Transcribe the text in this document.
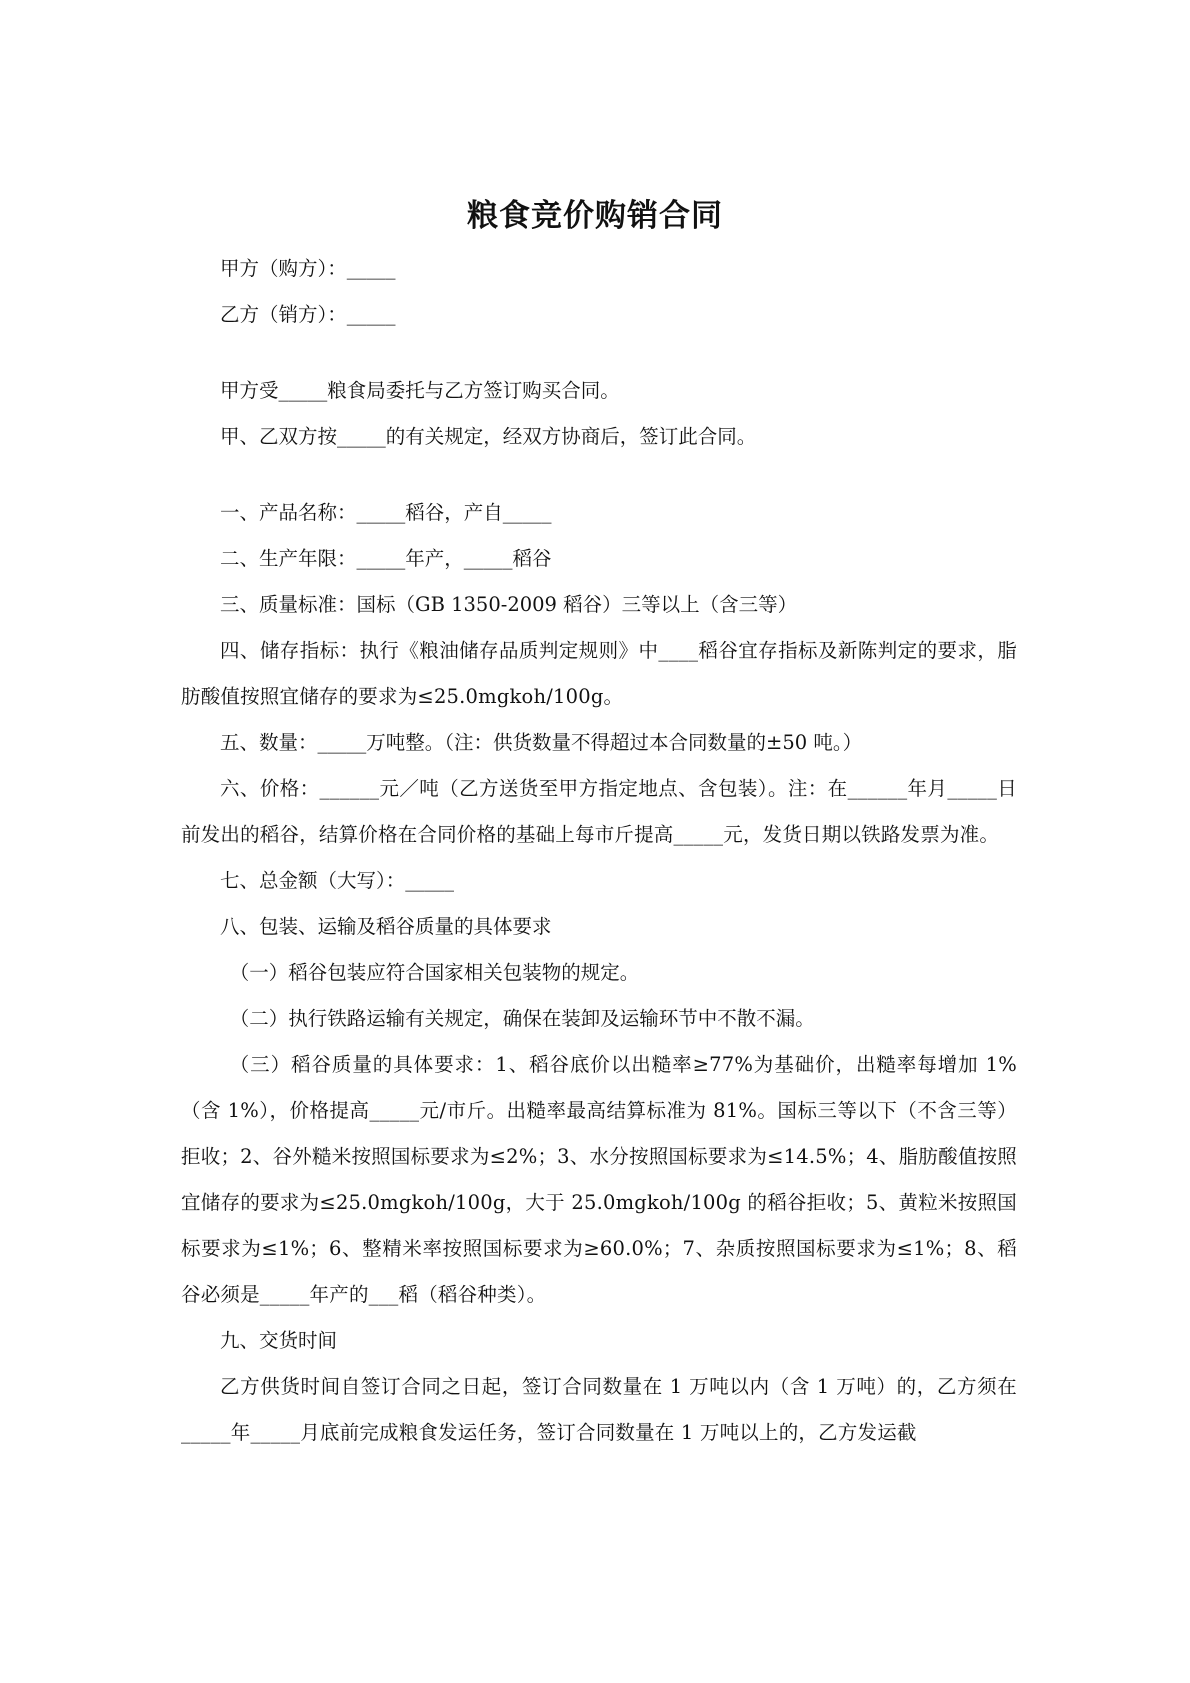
粮食竞价购销合同

甲方（购方）：_____

乙方（销方）：_____

甲方受_____粮食局委托与乙方签订购买合同。

甲、乙双方按_____的有关规定，经双方协商后，签订此合同。

一、产品名称：_____稻谷，产自_____

二、生产年限：_____年产，_____稻谷

三、质量标准：国标（GB 1350-2009 稻谷）三等以上（含三等）

四、储存指标：执行《粮油储存品质判定规则》中____稻谷宜存指标及新陈判定的要求，脂肪酸值按照宜储存的要求为≤25.0mgkoh/100g。

五、数量：_____万吨整。（注：供货数量不得超过本合同数量的±50 吨。）

六、价格：______元／吨（乙方送货至甲方指定地点、含包装）。注：在______年月_____日前发出的稻谷，结算价格在合同价格的基础上每市斤提高_____元，发货日期以铁路发票为准。

七、总金额（大写）：_____

八、包装、运输及稻谷质量的具体要求

（一）稻谷包装应符合国家相关包装物的规定。

（二）执行铁路运输有关规定，确保在装卸及运输环节中不散不漏。

（三）稻谷质量的具体要求：1、稻谷底价以出糙率≥77%为基础价，出糙率每增加 1%（含 1%），价格提高_____元/市斤。出糙率最高结算标准为 81%。国标三等以下（不含三等）拒收；2、谷外糙米按照国标要求为≤2%；3、水分按照国标要求为≤14.5%；4、脂肪酸值按照宜储存的要求为≤25.0mgkoh/100g，大于 25.0mgkoh/100g 的稻谷拒收；5、黄粒米按照国标要求为≤1%；6、整精米率按照国标要求为≥60.0%；7、杂质按照国标要求为≤1%；8、稻谷必须是_____年产的___稻（稻谷种类）。

九、交货时间

乙方供货时间自签订合同之日起，签订合同数量在 1 万吨以内（含 1 万吨）的，乙方须在_____年_____月底前完成粮食发运任务，签订合同数量在 1 万吨以上的，乙方发运截
